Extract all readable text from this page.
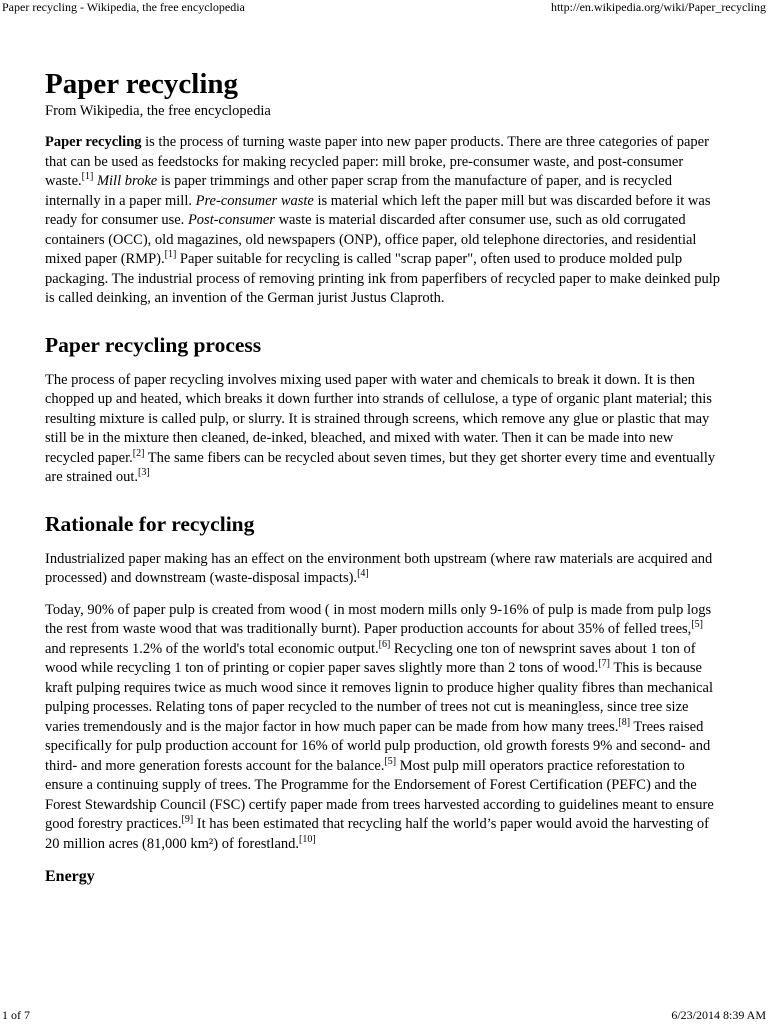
Paper recycling - Wikipedia, the free encyclopedia	http://en.wikipedia.org/wiki/Paper_recycling
Paper recycling
From Wikipedia, the free encyclopedia

Paper recycling is the process of turning waste paper into new paper products. There are three categories of paper that can be used as feedstocks for making recycled paper: mill broke, pre-consumer waste, and post-consumer waste.[1] Mill broke is paper trimmings and other paper scrap from the manufacture of paper, and is recycled internally in a paper mill. Pre-consumer waste is material which left the paper mill but was discarded before it was ready for consumer use. Post-consumer waste is material discarded after consumer use, such as old corrugated containers (OCC), old magazines, old newspapers (ONP), office paper, old telephone directories, and residential mixed paper (RMP).[1] Paper suitable for recycling is called "scrap paper", often used to produce molded pulp packaging. The industrial process of removing printing ink from paperfibers of recycled paper to make deinked pulp is called deinking, an invention of the German jurist Justus Claproth.

Paper recycling process

The process of paper recycling involves mixing used paper with water and chemicals to break it down. It is then chopped up and heated, which breaks it down further into strands of cellulose, a type of organic plant material; this resulting mixture is called pulp, or slurry. It is strained through screens, which remove any glue or plastic that may still be in the mixture then cleaned, de-inked, bleached, and mixed with water. Then it can be made into new recycled paper.[2] The same fibers can be recycled about seven times, but they get shorter every time and eventually are strained out.[3]

Rationale for recycling

Industrialized paper making has an effect on the environment both upstream (where raw materials are acquired and processed) and downstream (waste-disposal impacts).[4]

Today, 90% of paper pulp is created from wood ( in most modern mills only 9-16% of pulp is made from pulp logs the rest from waste wood that was traditionally burnt). Paper production accounts for about 35% of felled trees,[5] and represents 1.2% of the world's total economic output.[6] Recycling one ton of newsprint saves about 1 ton of wood while recycling 1 ton of printing or copier paper saves slightly more than 2 tons of wood.[7] This is because kraft pulping requires twice as much wood since it removes lignin to produce higher quality fibres than mechanical pulping processes. Relating tons of paper recycled to the number of trees not cut is meaningless, since tree size varies tremendously and is the major factor in how much paper can be made from how many trees.[8] Trees raised specifically for pulp production account for 16% of world pulp production, old growth forests 9% and second- and third- and more generation forests account for the balance.[5] Most pulp mill operators practice reforestation to ensure a continuing supply of trees. The Programme for the Endorsement of Forest Certification (PEFC) and the Forest Stewardship Council (FSC) certify paper made from trees harvested according to guidelines meant to ensure good forestry practices.[9] It has been estimated that recycling half the world’s paper would avoid the harvesting of 20 million acres (81,000 km²) of forestland.[10]

Energy
1 of 7	6/23/2014 8:39 AM
